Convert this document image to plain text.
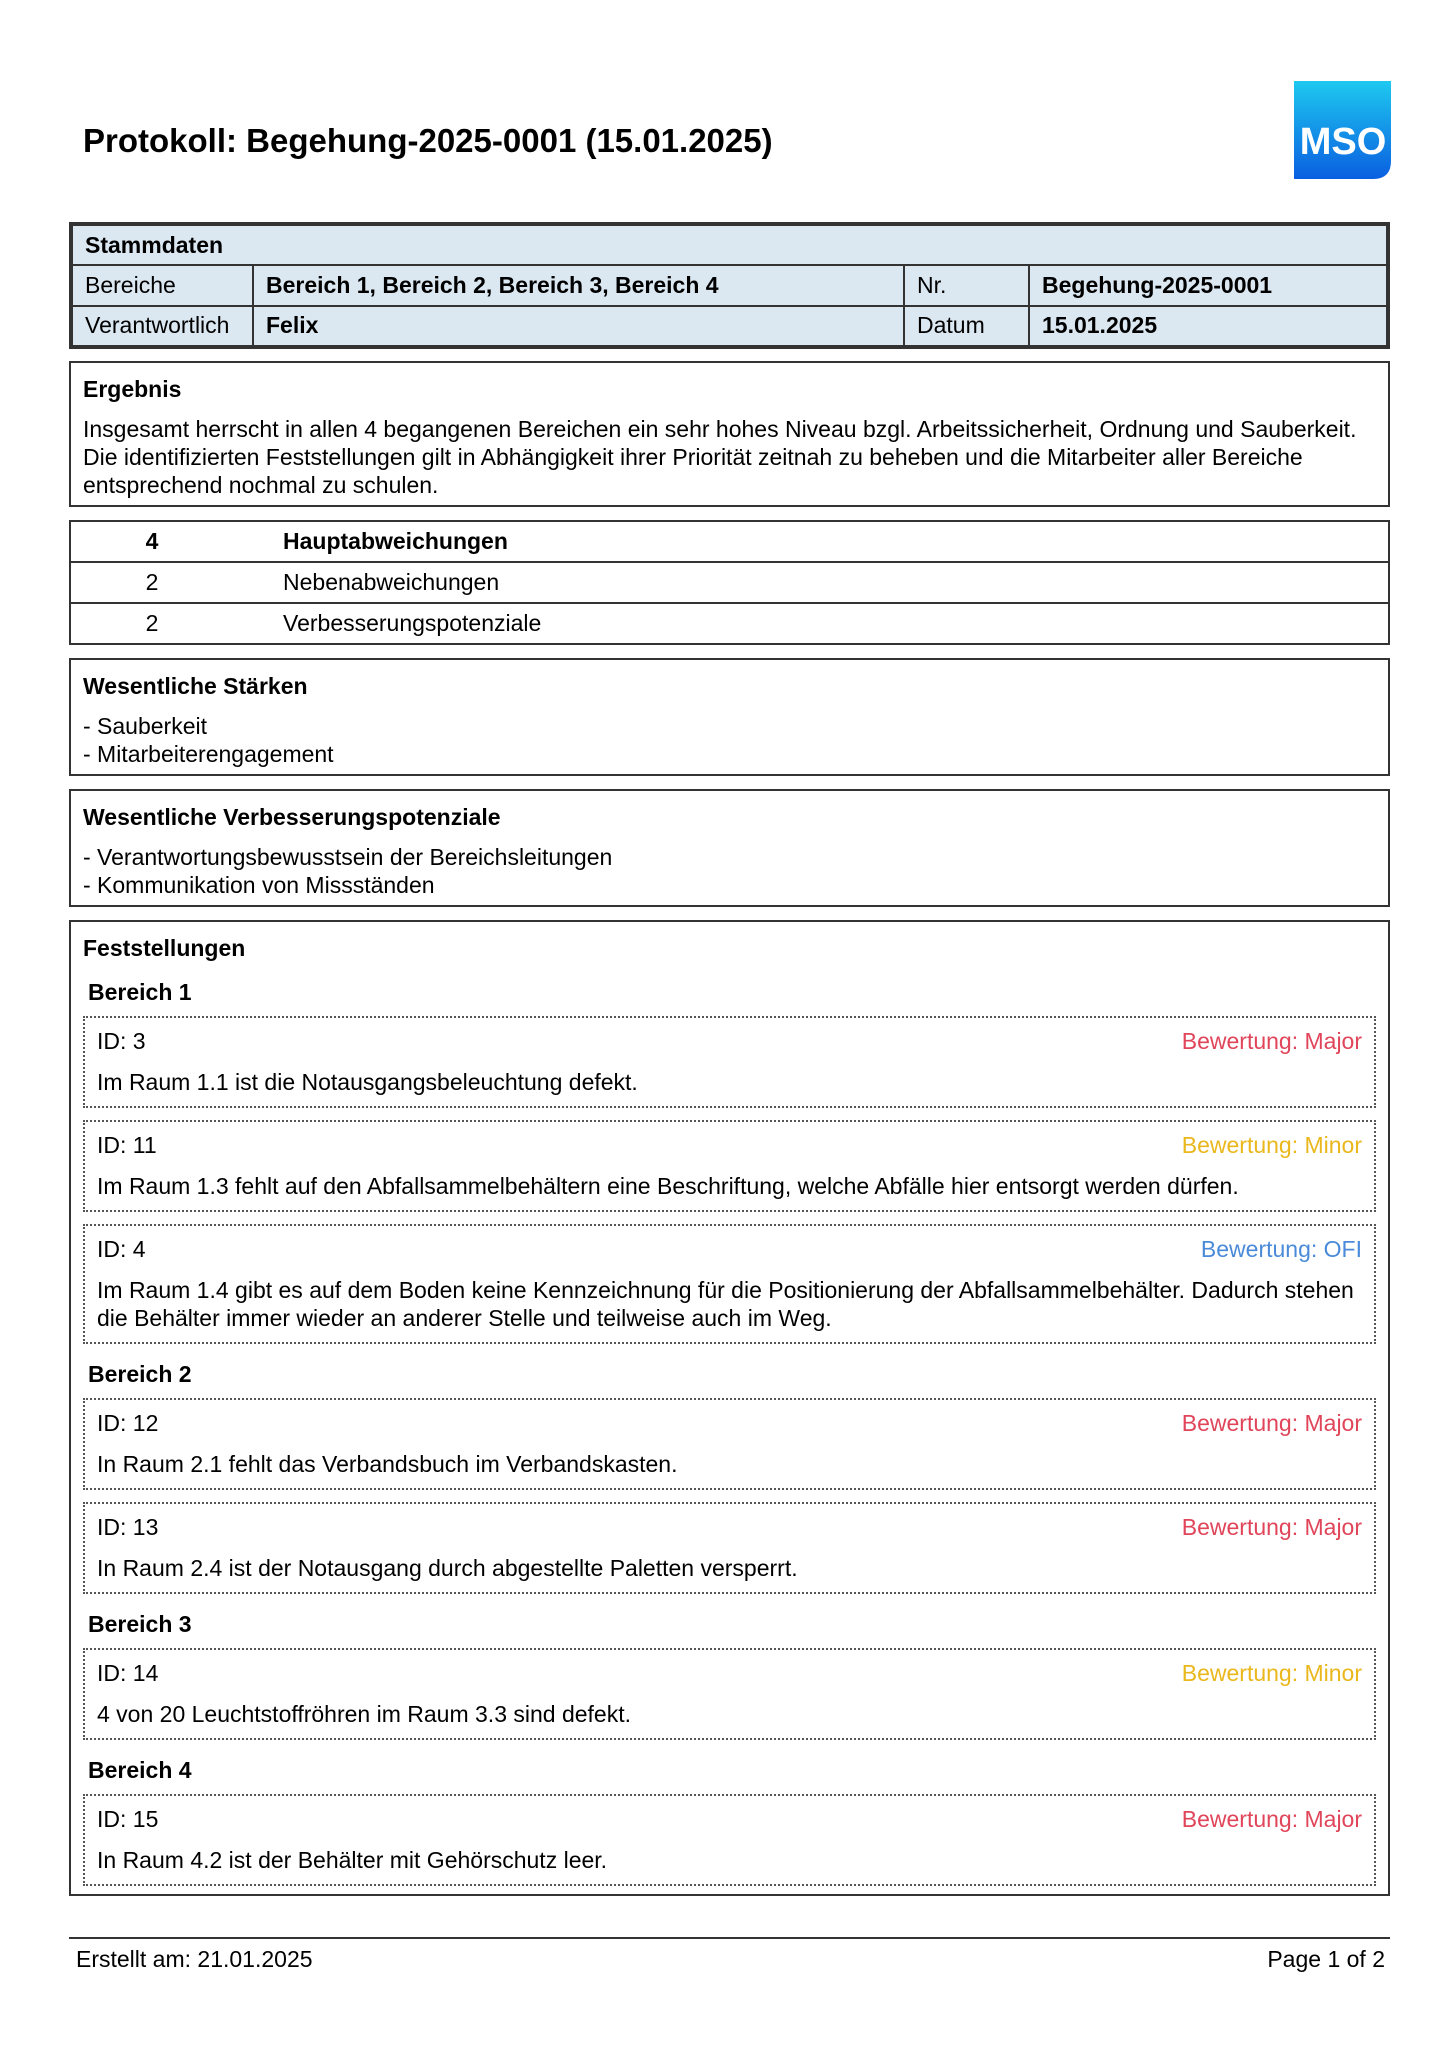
Protokoll: Begehung-2025-0001 (15.01.2025)	MSO
Stammdaten			
Bereiche	Bereich 1, Bereich 2, Bereich 3, Bereich 4	Nr.	Begehung-2025-0001
Verantwortlich	Felix	Datum	15.01.2025
Ergebnis
Insgesamt herrscht in allen 4 begangenen Bereichen ein sehr hohes Niveau bzgl. Arbeitssicherheit, Ordnung und Sauberkeit. Die identifizierten Feststellungen gilt in Abhängigkeit ihrer Priorität zeitnah zu beheben und die Mitarbeiter aller Bereiche entsprechend nochmal zu schulen.
4	Hauptabweichungen
2	Nebenabweichungen
2	Verbesserungspotenziale
Wesentliche Stärken
- Sauberkeit
- Mitarbeiterengagement
Wesentliche Verbesserungspotenziale
- Verantwortungsbewusstsein der Bereichsleitungen
- Kommunikation von Missständen
Feststellungen
Bereich 1
ID: 3	Bewertung: Major
Im Raum 1.1 ist die Notausgangsbeleuchtung defekt.
ID: 11	Bewertung: Minor
Im Raum 1.3 fehlt auf den Abfallsammelbehältern eine Beschriftung, welche Abfälle hier entsorgt werden dürfen.
ID: 4	Bewertung: OFI
Im Raum 1.4 gibt es auf dem Boden keine Kennzeichnung für die Positionierung der Abfallsammelbehälter. Dadurch stehen die Behälter immer wieder an anderer Stelle und teilweise auch im Weg.
Bereich 2
ID: 12	Bewertung: Major
In Raum 2.1 fehlt das Verbandsbuch im Verbandskasten.
ID: 13	Bewertung: Major
In Raum 2.4 ist der Notausgang durch abgestellte Paletten versperrt.
Bereich 3
ID: 14	Bewertung: Minor
4 von 20 Leuchtstoffröhren im Raum 3.3 sind defekt.
Bereich 4
ID: 15	Bewertung: Major
In Raum 4.2 ist der Behälter mit Gehörschutz leer.
Erstellt am: 21.01.2025	Page 1 of 2
